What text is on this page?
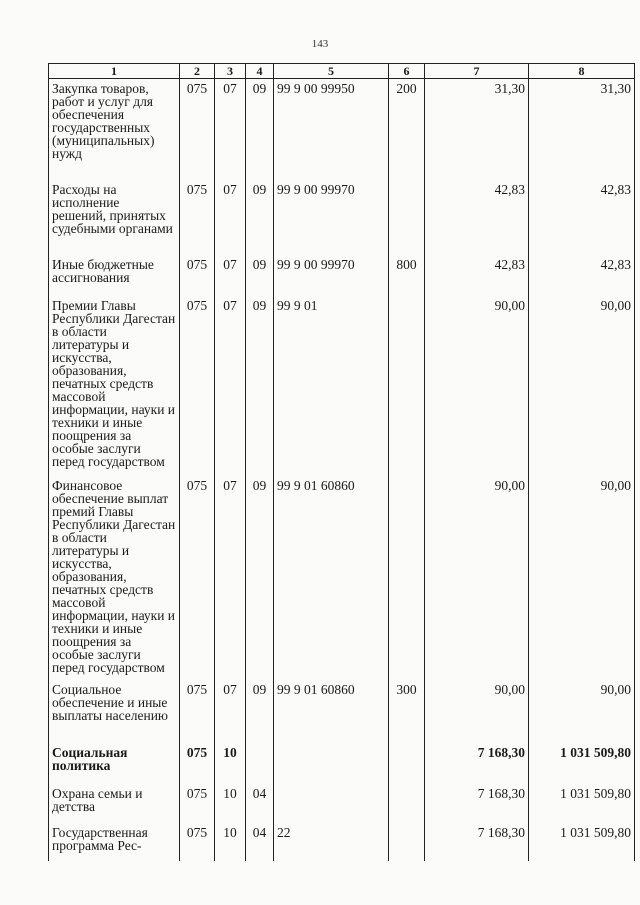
143
1	2	3	4	5	6	7	8
Закупка товаров, работ и услуг для обеспечения государственных (муниципальных) нужд	075	07	09	99 9 00 99950	200	31,30	31,30
Расходы на исполнение решений, принятых судебными органами	075	07	09	99 9 00 99970		42,83	42,83
Иные бюджетные ассигнования	075	07	09	99 9 00 99970	800	42,83	42,83
Премии Главы Республики Дагестан в области литературы и искусства, образования, печатных средств массовой информации, науки и техники и иные поощрения за особые заслуги перед государством	075	07	09	99 9 01		90,00	90,00
Финансовое обеспечение выплат премий Главы Республики Дагестан в области литературы и искусства, образования, печатных средств массовой информации, науки и техники и иные поощрения за особые заслуги перед государством	075	07	09	99 9 01 60860		90,00	90,00
Социальное обеспечение и иные выплаты населению	075	07	09	99 9 01 60860	300	90,00	90,00
Социальная политика	075	10				7 168,30	1 031 509,80
Охрана семьи и детства	075	10	04			7 168,30	1 031 509,80
Государственная программа Рес-	075	10	04	22		7 168,30	1 031 509,80
